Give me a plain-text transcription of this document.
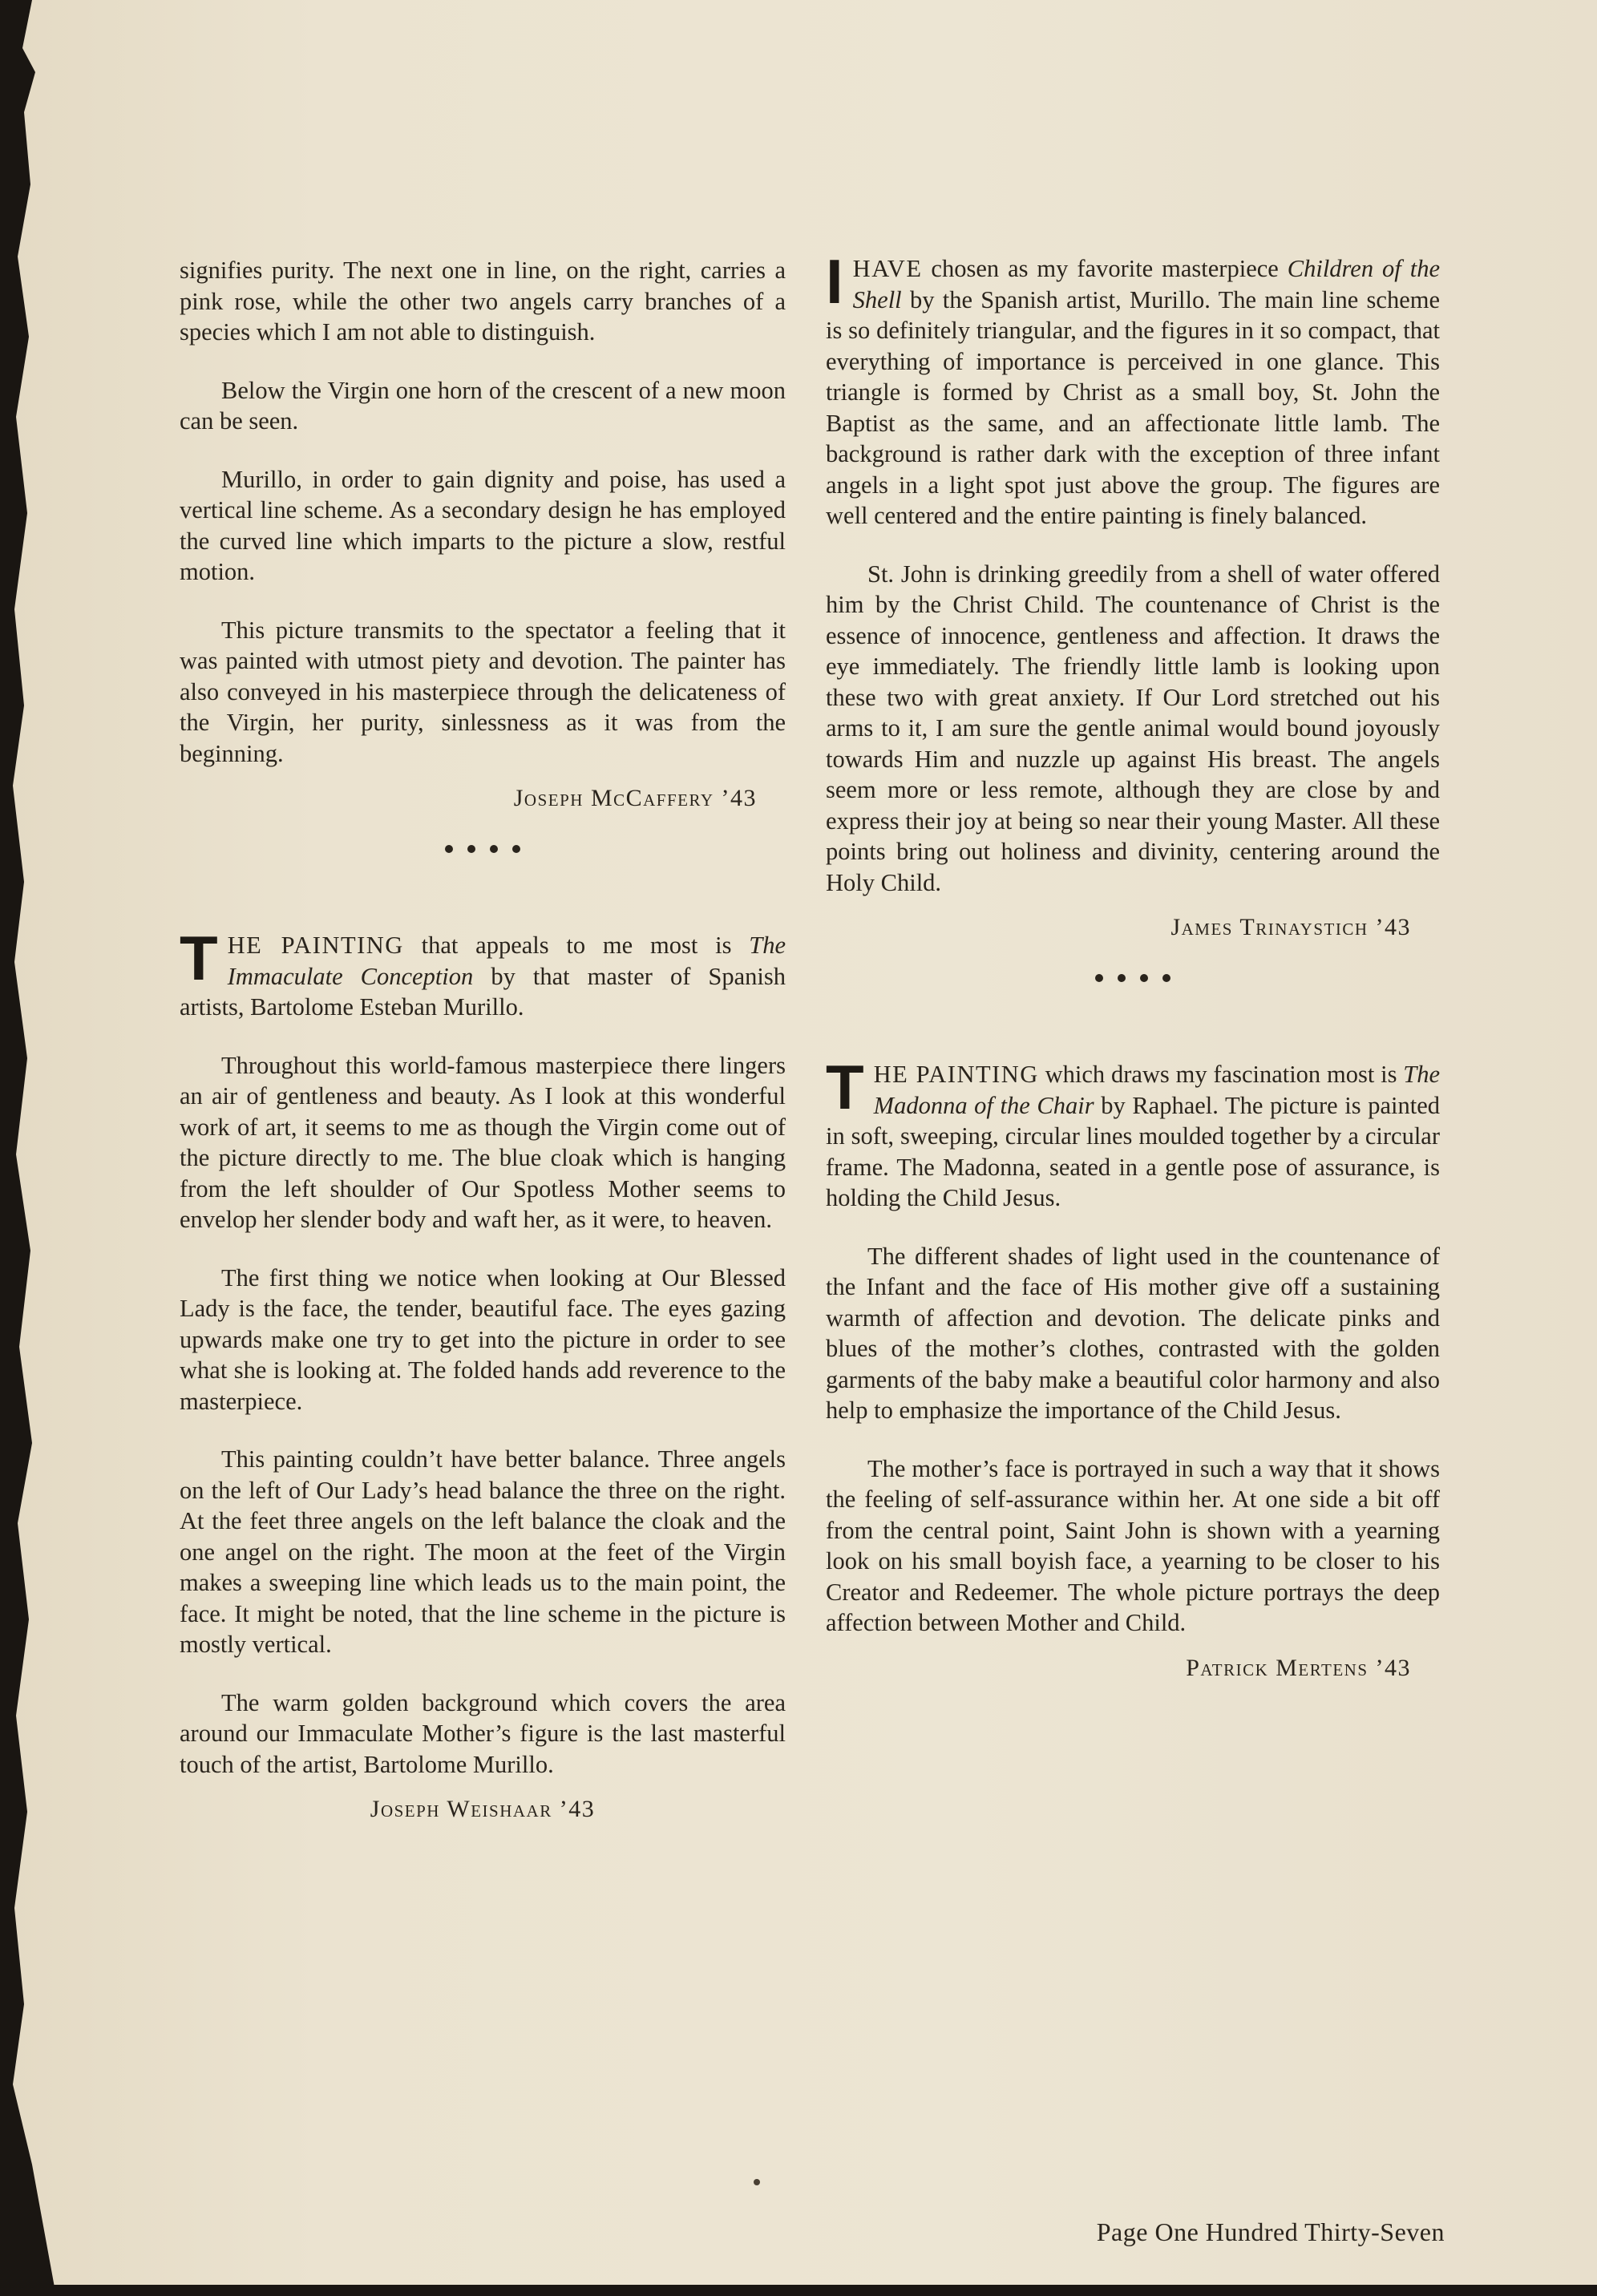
signifies purity. The next one in line, on the right, carries a pink rose, while the other two angels carry branches of a species which I am not able to distinguish.

Below the Virgin one horn of the crescent of a new moon can be seen.

Murillo, in order to gain dignity and poise, has used a vertical line scheme. As a secondary design he has employed the curved line which imparts to the picture a slow, restful motion.

This picture transmits to the spectator a feeling that it was painted with utmost piety and devotion. The painter has also conveyed in his masterpiece through the delicateness of the Virgin, her purity, sinlessness as it was from the beginning.

Joseph McCaffery ’43

THE PAINTING that appeals to me most is The Immaculate Conception by that master of Spanish artists, Bartolome Esteban Murillo.

Throughout this world-famous masterpiece there lingers an air of gentleness and beauty. As I look at this wonderful work of art, it seems to me as though the Virgin come out of the picture directly to me. The blue cloak which is hanging from the left shoulder of Our Spotless Mother seems to envelop her slender body and waft her, as it were, to heaven.

The first thing we notice when looking at Our Blessed Lady is the face, the tender, beautiful face. The eyes gazing upwards make one try to get into the picture in order to see what she is looking at. The folded hands add reverence to the masterpiece.

This painting couldn’t have better balance. Three angels on the left of Our Lady’s head balance the three on the right. At the feet three angels on the left balance the cloak and the one angel on the right. The moon at the feet of the Virgin makes a sweeping line which leads us to the main point, the face. It might be noted, that the line scheme in the picture is mostly vertical.

The warm golden background which covers the area around our Immaculate Mother’s figure is the last masterful touch of the artist, Bartolome Murillo.

Joseph Weishaar ’43

IHAVE chosen as my favorite masterpiece Children of the Shell by the Spanish artist, Murillo. The main line scheme is so definitely triangular, and the figures in it so compact, that everything of importance is perceived in one glance. This triangle is formed by Christ as a small boy, St. John the Baptist as the same, and an affectionate little lamb. The background is rather dark with the exception of three infant angels in a light spot just above the group. The figures are well centered and the entire painting is finely balanced.

St. John is drinking greedily from a shell of water offered him by the Christ Child. The countenance of Christ is the essence of innocence, gentleness and affection. It draws the eye immediately. The friendly little lamb is looking upon these two with great anxiety. If Our Lord stretched out his arms to it, I am sure the gentle animal would bound joyously towards Him and nuzzle up against His breast. The angels seem more or less remote, although they are close by and express their joy at being so near their young Master. All these points bring out holiness and divinity, centering around the Holy Child.

James Trinaystich ’43

THE PAINTING which draws my fascination most is The Madonna of the Chair by Raphael. The picture is painted in soft, sweeping, circular lines moulded together by a circular frame. The Madonna, seated in a gentle pose of assurance, is holding the Child Jesus.

The different shades of light used in the countenance of the Infant and the face of His mother give off a sustaining warmth of affection and devotion. The delicate pinks and blues of the mother’s clothes, contrasted with the golden garments of the baby make a beautiful color harmony and also help to emphasize the importance of the Child Jesus.

The mother’s face is portrayed in such a way that it shows the feeling of self-assurance within her. At one side a bit off from the central point, Saint John is shown with a yearning look on his small boyish face, a yearning to be closer to his Creator and Redeemer. The whole picture portrays the deep affection between Mother and Child.

Patrick Mertens ’43
Page One Hundred Thirty-Seven
